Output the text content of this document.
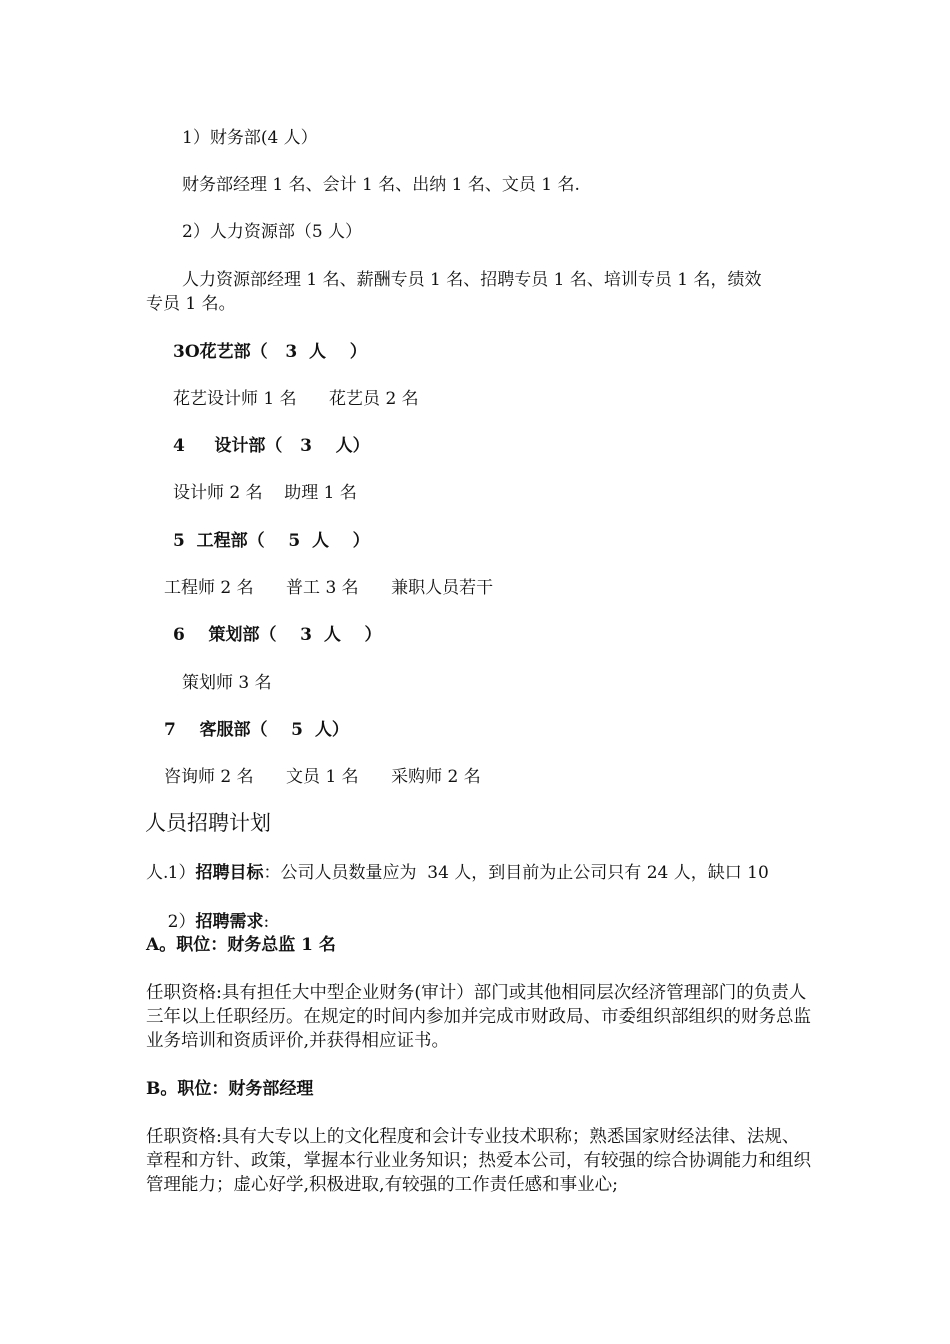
1）财务部(4 人）
财务部经理 1 名、会计 1 名、出纳 1 名、文员 1 名.
2）人力资源部（5 人）
人力资源部经理 1 名、薪酬专员 1 名、招聘专员 1 名、培训专员 1 名，绩效
专员 1 名。
3O花艺部（   3  人    ）
花艺设计师 1 名      花艺员 2 名
4     设计部（   3    人）
设计师 2 名    助理 1 名
5  工程部（    5  人    ）
工程师 2 名      普工 3 名      兼职人员若干
6    策划部（    3  人    ）
策划师 3 名
7    客服部（    5  人）
咨询师 2 名      文员 1 名      采购师 2 名
人员招聘计划

1）招聘目标：公司人员数量应为  34 人，到目前为止公司只有 24 人，缺口 10

人.

2）招聘需求:

A。职位：财务总监 1 名
任职资格:具有担任大中型企业财务(审计）部门或其他相同层次经济管理部门的负责人三年以上任职经历。在规定的时间内参加并完成市财政局、市委组织部组织的财务总监业务培训和资质评价,并获得相应证书。
B。职位：财务部经理
任职资格:具有大专以上的文化程度和会计专业技术职称；熟悉国家财经法律、法规、章程和方针、政策，掌握本行业业务知识；热爱本公司，有较强的综合协调能力和组织管理能力；虚心好学,积极进取,有较强的工作责任感和事业心;
